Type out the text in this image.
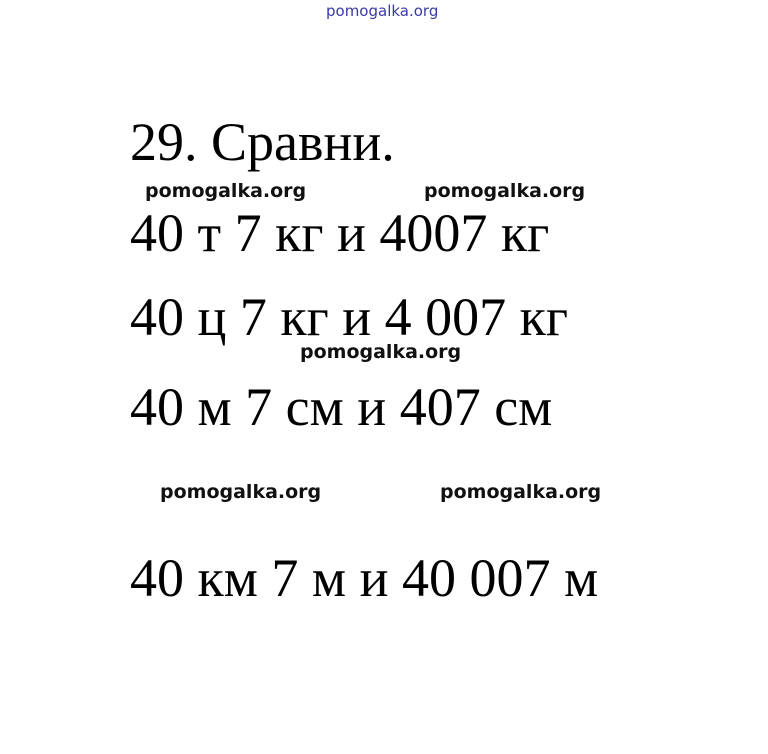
pomogalka.org
29. Сравни.
pomogalka.org	pomogalka.org
40 т 7 кг и 4007 кг
40 ц 7 кг и 4 007 кг
pomogalka.org
40 м 7 см и 407 см
pomogalka.org	pomogalka.org
40 км 7 м и 40 007 м
